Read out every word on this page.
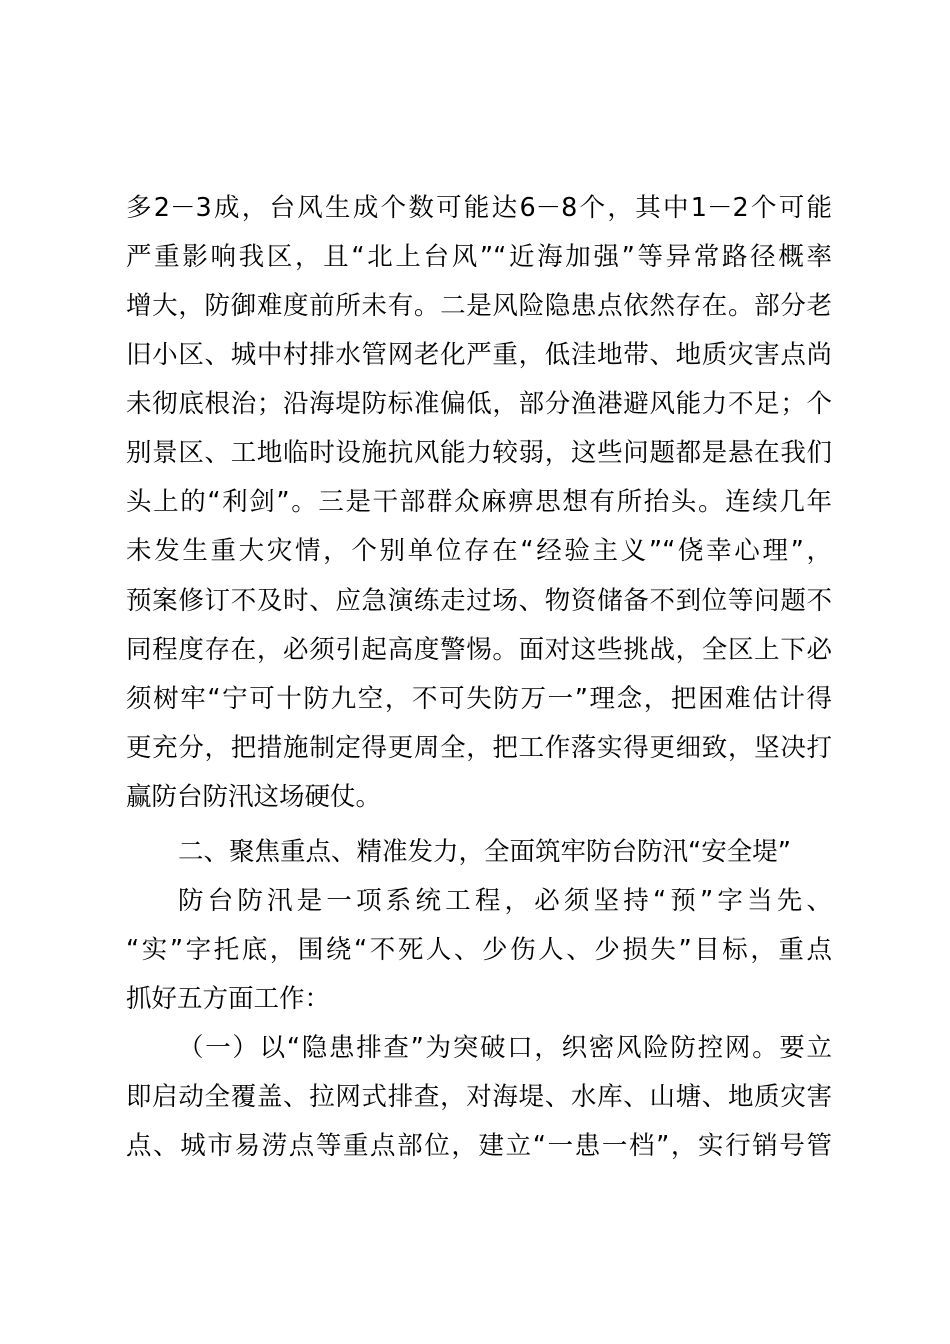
多2－3成，台风生成个数可能达6－8个，其中1－2个可能
严重影响我区，且“北上台风”“近海加强”等异常路径概率
增大，防御难度前所未有。二是风险隐患点依然存在。部分老
旧小区、城中村排水管网老化严重，低洼地带、地质灾害点尚
未彻底根治；沿海堤防标准偏低，部分渔港避风能力不足；个
别景区、工地临时设施抗风能力较弱，这些问题都是悬在我们
头上的“利剑”。三是干部群众麻痹思想有所抬头。连续几年
未发生重大灾情，个别单位存在“经验主义”“侥幸心理”，
预案修订不及时、应急演练走过场、物资储备不到位等问题不
同程度存在，必须引起高度警惕。面对这些挑战，全区上下必
须树牢“宁可十防九空，不可失防万一”理念，把困难估计得
更充分，把措施制定得更周全，把工作落实得更细致，坚决打
赢防台防汛这场硬仗。
二、聚焦重点、精准发力，全面筑牢防台防汛“安全堤”
防台防汛是一项系统工程，必须坚持“预”字当先、
“实”字托底，围绕“不死人、少伤人、少损失”目标，重点
抓好五方面工作：
（一）以“隐患排查”为突破口，织密风险防控网。要立
即启动全覆盖、拉网式排查，对海堤、水库、山塘、地质灾害
点、城市易涝点等重点部位，建立“一患一档”，实行销号管
